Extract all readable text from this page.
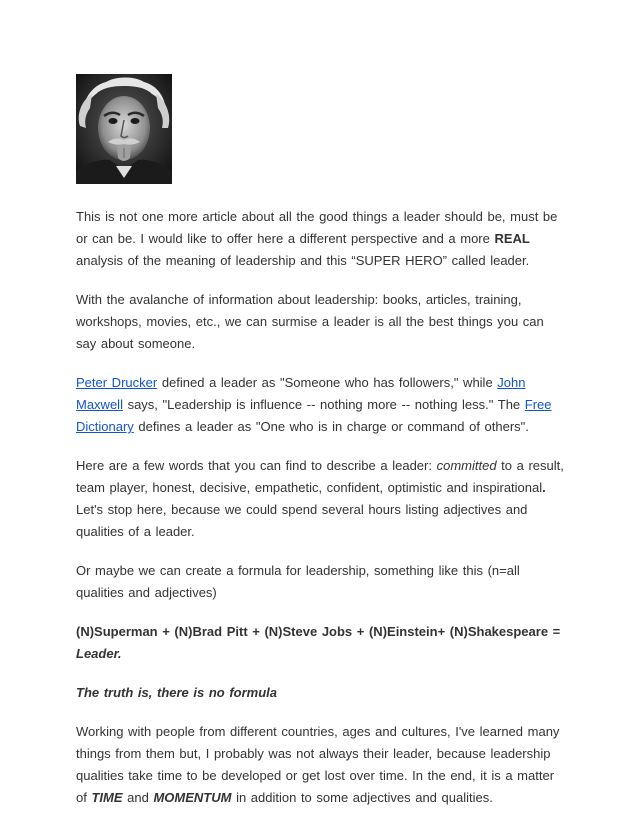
This is not one more article about all the good things a leader should be, must be or can be. I would like to offer here a different perspective and a more REAL analysis of the meaning of leadership and this “SUPER HERO” called leader.

With the avalanche of information about leadership: books, articles, training, workshops, movies, etc., we can surmise a leader is all the best things you can say about someone.

Peter Drucker defined a leader as "Someone who has followers," while John Maxwell says, "Leadership is influence -- nothing more -- nothing less." The Free Dictionary defines a leader as "One who is in charge or command of others".

Here are a few words that you can find to describe a leader: committed to a result, team player, honest, decisive, empathetic, confident, optimistic and inspirational. Let's stop here, because we could spend several hours listing adjectives and qualities of a leader.

Or maybe we can create a formula for leadership, something like this (n=all qualities and adjectives)

(N)Superman + (N)Brad Pitt + (N)Steve Jobs + (N)Einstein+ (N)Shakespeare = Leader.

The truth is, there is no formula

Working with people from different countries, ages and cultures, I've learned many things from them but, I probably was not always their leader, because leadership qualities take time to be developed or get lost over time. In the end, it is a matter of TIME and MOMENTUM in addition to some adjectives and qualities.
